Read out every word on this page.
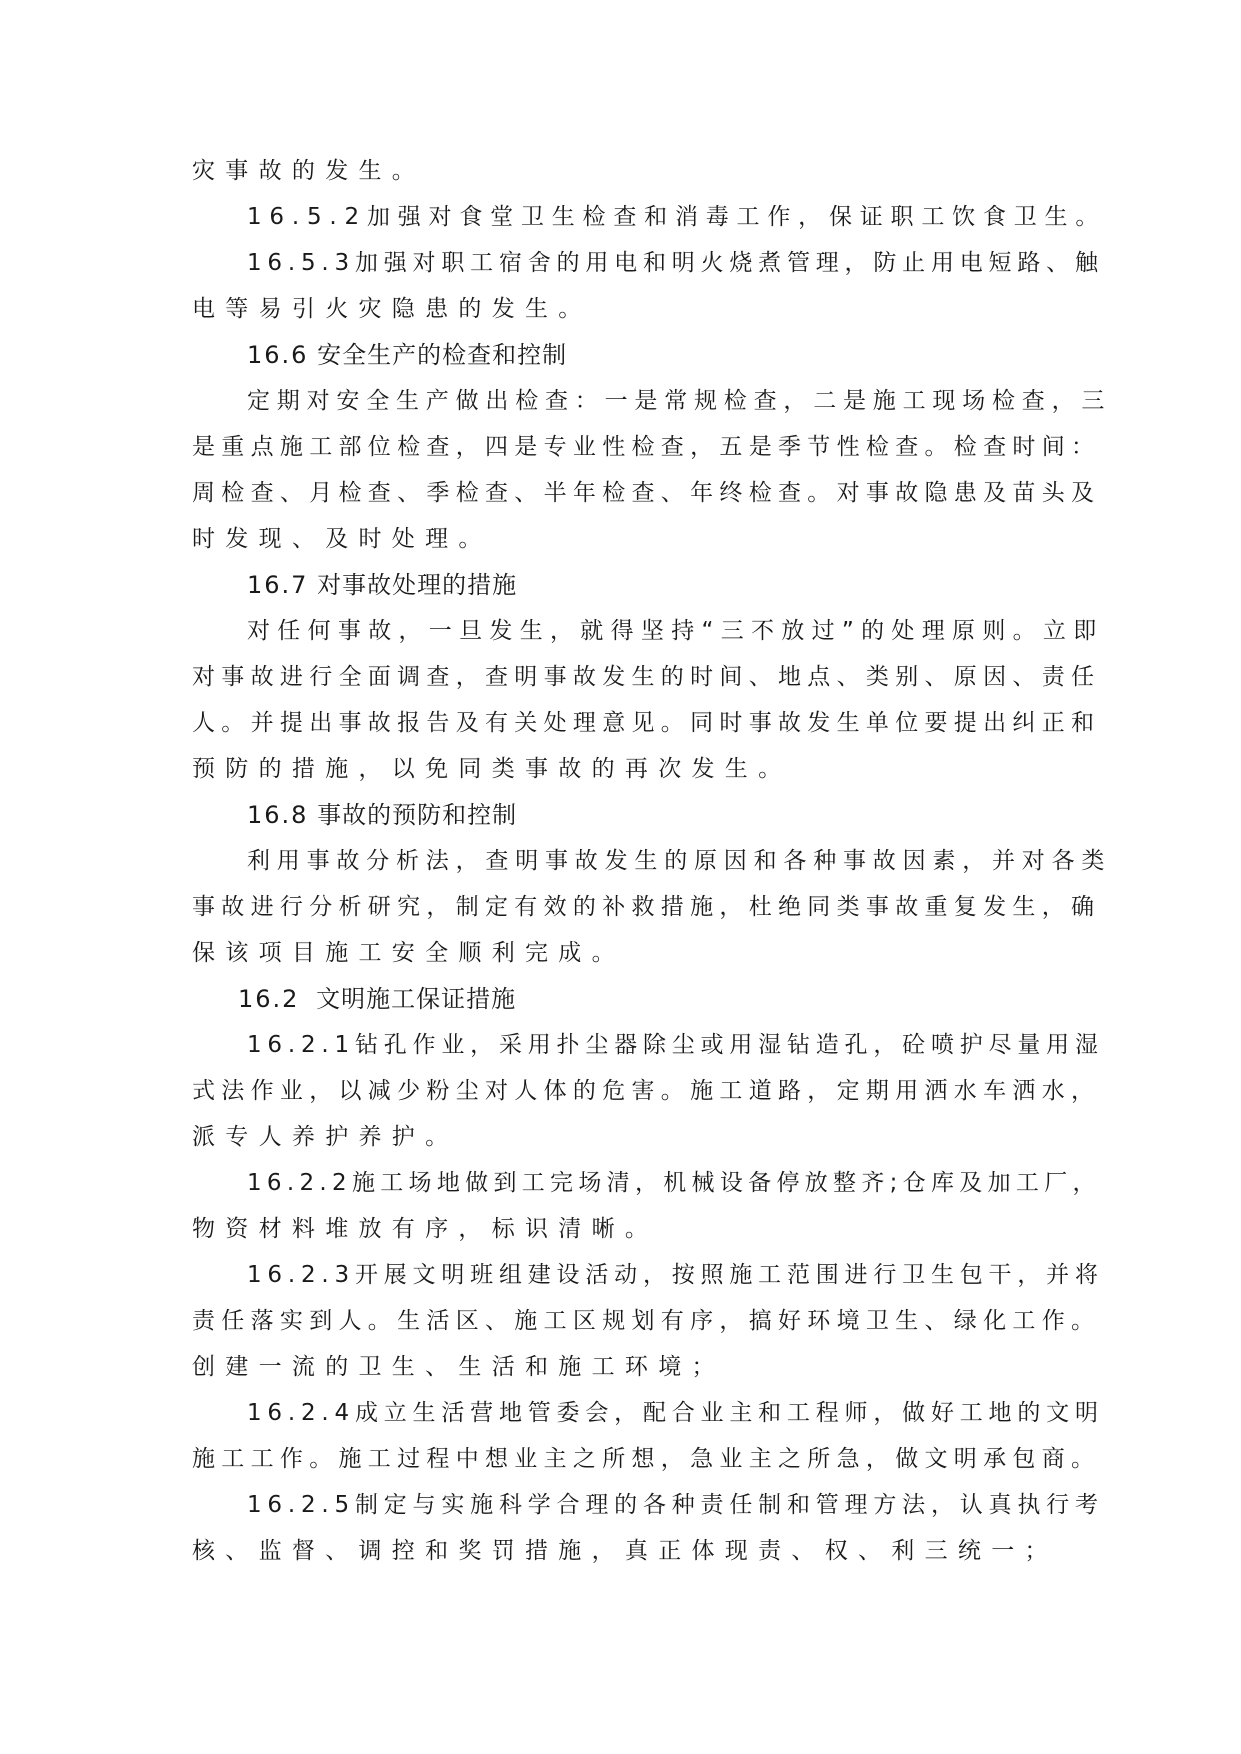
灾事故的发生。
16.5.2加强对食堂卫生检查和消毒工作，保证职工饮食卫生。
16.5.3加强对职工宿舍的用电和明火烧煮管理，防止用电短路、触
电等易引火灾隐患的发生。
16.6 安全生产的检查和控制
定期对安全生产做出检查：一是常规检查，二是施工现场检查，三
是重点施工部位检查，四是专业性检查，五是季节性检查。检查时间：
周检查、月检查、季检查、半年检查、年终检查。对事故隐患及苗头及
时发现、及时处理。
16.7 对事故处理的措施
对任何事故，一旦发生，就得坚持“三不放过”的处理原则。立即
对事故进行全面调查，查明事故发生的时间、地点、类别、原因、责任
人。并提出事故报告及有关处理意见。同时事故发生单位要提出纠正和
预防的措施，以免同类事故的再次发生。
16.8 事故的预防和控制
利用事故分析法，查明事故发生的原因和各种事故因素，并对各类
事故进行分析研究，制定有效的补救措施，杜绝同类事故重复发生，确
保该项目施工安全顺利完成。
16.2 文明施工保证措施
16.2.1钻孔作业，采用扑尘器除尘或用湿钻造孔，砼喷护尽量用湿
式法作业，以减少粉尘对人体的危害。施工道路，定期用洒水车洒水，
派专人养护养护。
16.2.2施工场地做到工完场清，机械设备停放整齐;仓库及加工厂，
物资材料堆放有序，标识清晰。
16.2.3开展文明班组建设活动，按照施工范围进行卫生包干，并将
责任落实到人。生活区、施工区规划有序，搞好环境卫生、绿化工作。
创建一流的卫生、生活和施工环境；
16.2.4成立生活营地管委会，配合业主和工程师，做好工地的文明
施工工作。施工过程中想业主之所想，急业主之所急，做文明承包商。
16.2.5制定与实施科学合理的各种责任制和管理方法，认真执行考
核、监督、调控和奖罚措施，真正体现责、权、利三统一；
